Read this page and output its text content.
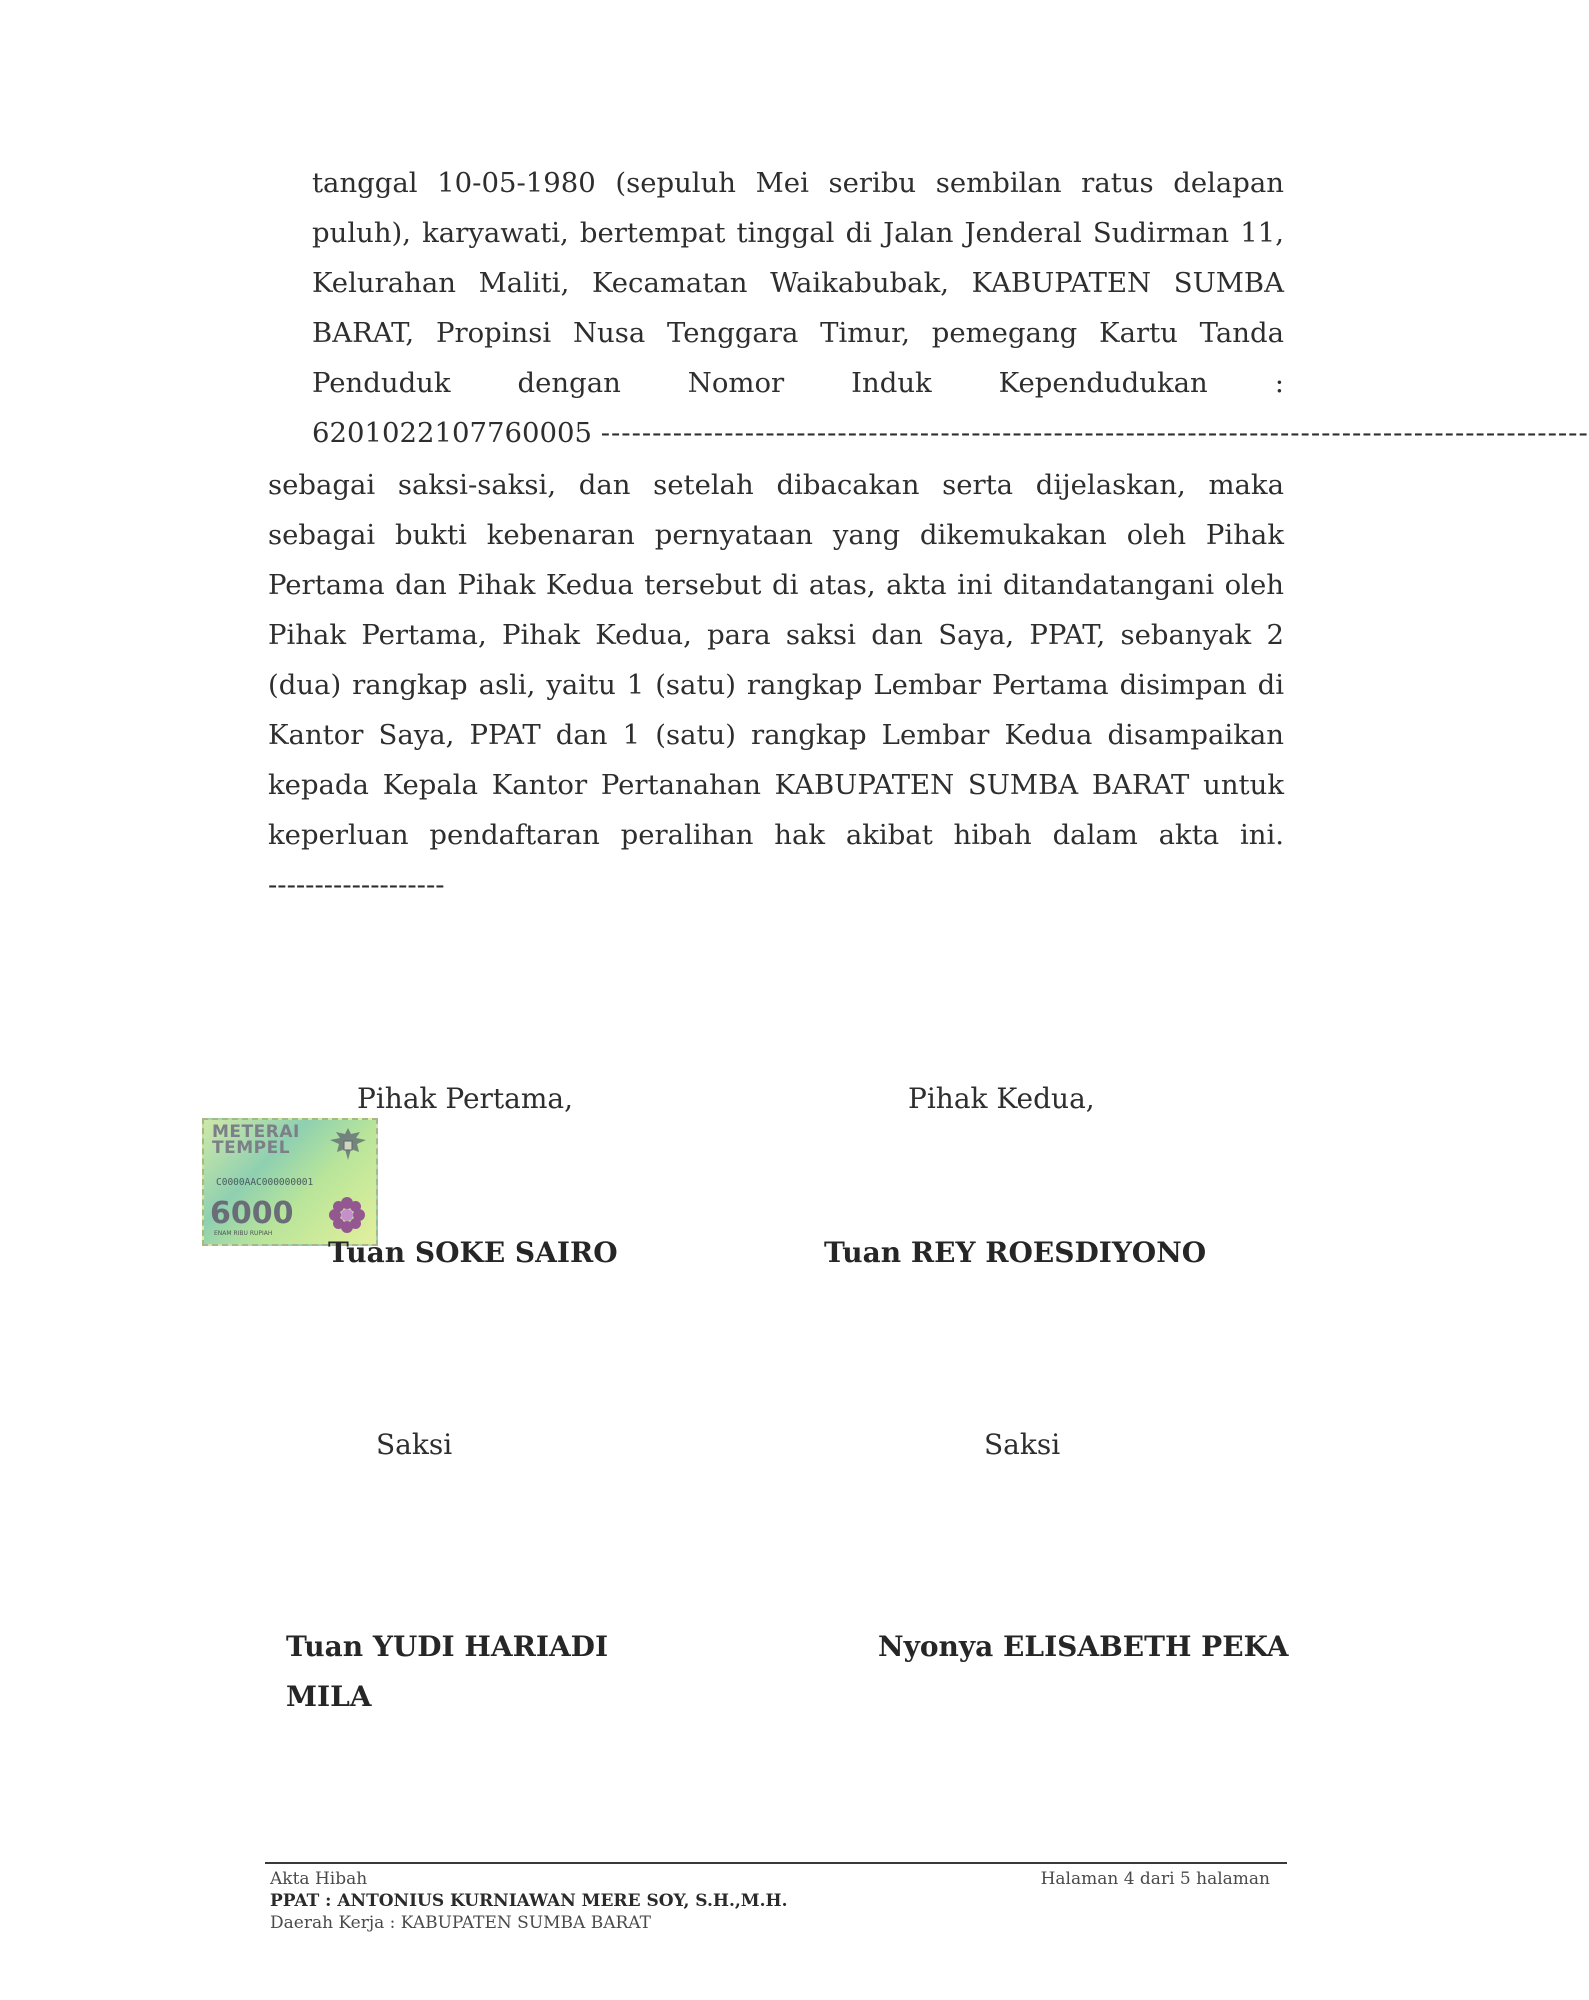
tanggal 10-05-1980 (sepuluh Mei seribu sembilan ratus delapan
puluh), karyawati, bertempat tinggal di Jalan Jenderal Sudirman 11,
Kelurahan Maliti, Kecamatan Waikabubak, KABUPATEN SUMBA
BARAT, Propinsi Nusa Tenggara Timur, pemegang Kartu Tanda
Penduduk dengan Nomor Induk Kependudukan :
6201022107760005 ------------------------------------------------------------------------------------------------
sebagai saksi-saksi, dan setelah dibacakan serta dijelaskan, maka
sebagai bukti kebenaran pernyataan yang dikemukakan oleh Pihak
Pertama dan Pihak Kedua tersebut di atas, akta ini ditandatangani oleh
Pihak Pertama, Pihak Kedua, para saksi dan Saya, PPAT, sebanyak 2
(dua) rangkap asli, yaitu 1 (satu) rangkap Lembar Pertama disimpan di
Kantor Saya, PPAT dan 1 (satu) rangkap Lembar Kedua disampaikan
kepada Kepala Kantor Pertanahan KABUPATEN SUMBA BARAT untuk
keperluan pendaftaran peralihan hak akibat hibah dalam akta ini.
-------------------
Pihak Pertama,	Pihak Kedua,
METERAI
TEMPEL
C0000AAC000000001
6000
ENAM RIBU RUPIAH
Tuan SOKE SAIRO	Tuan REY ROESDIYONO
Saksi	Saksi
Tuan YUDI HARIADI
MILA
Nyonya ELISABETH PEKA
Akta Hibah
PPAT : ANTONIUS KURNIAWAN MERE SOY, S.H.,M.H.
Daerah Kerja : KABUPATEN SUMBA BARAT
Halaman 4 dari 5 halaman
